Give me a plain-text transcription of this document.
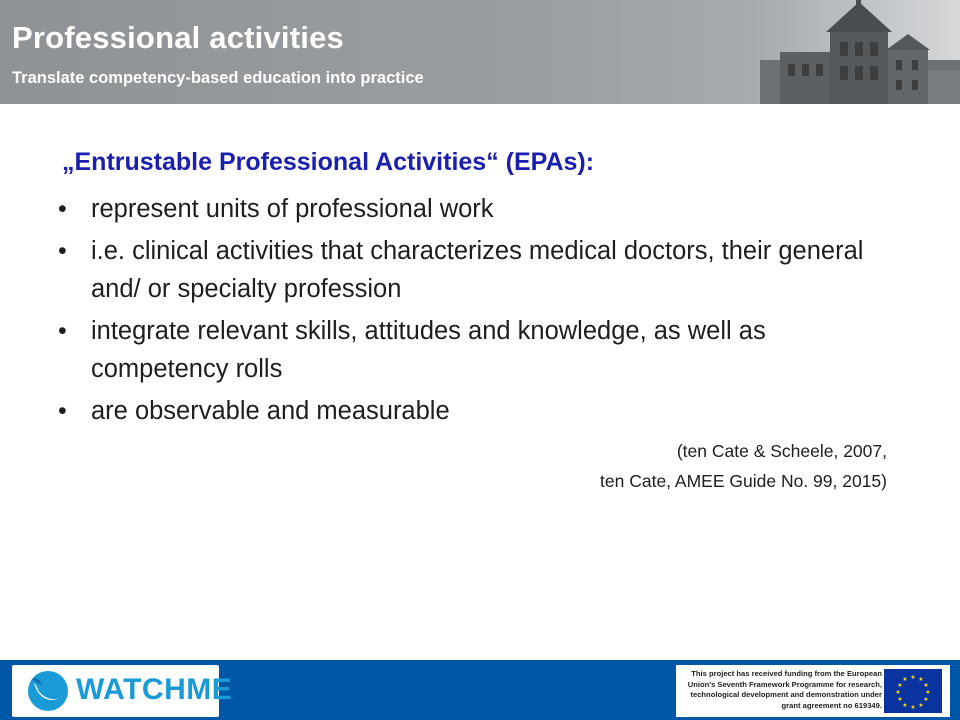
Professional activities
Translate competency-based education into practice
„Entrustable Professional Activities“ (EPAs):
• represent units of professional work
• i.e. clinical activities that characterizes medical doctors, their general and/ or specialty profession
• integrate relevant skills, attitudes and knowledge, as well as competency rolls
• are observable and measurable
(ten Cate & Scheele, 2007,
ten Cate, AMEE Guide No. 99, 2015)
WATCHME	This project has received funding from the European
Union's Seventh Framework Programme for research,
technological development and demonstration under
grant agreement no 619349.
★ ★
★
★
★
★
★
★
★
★
★
★
